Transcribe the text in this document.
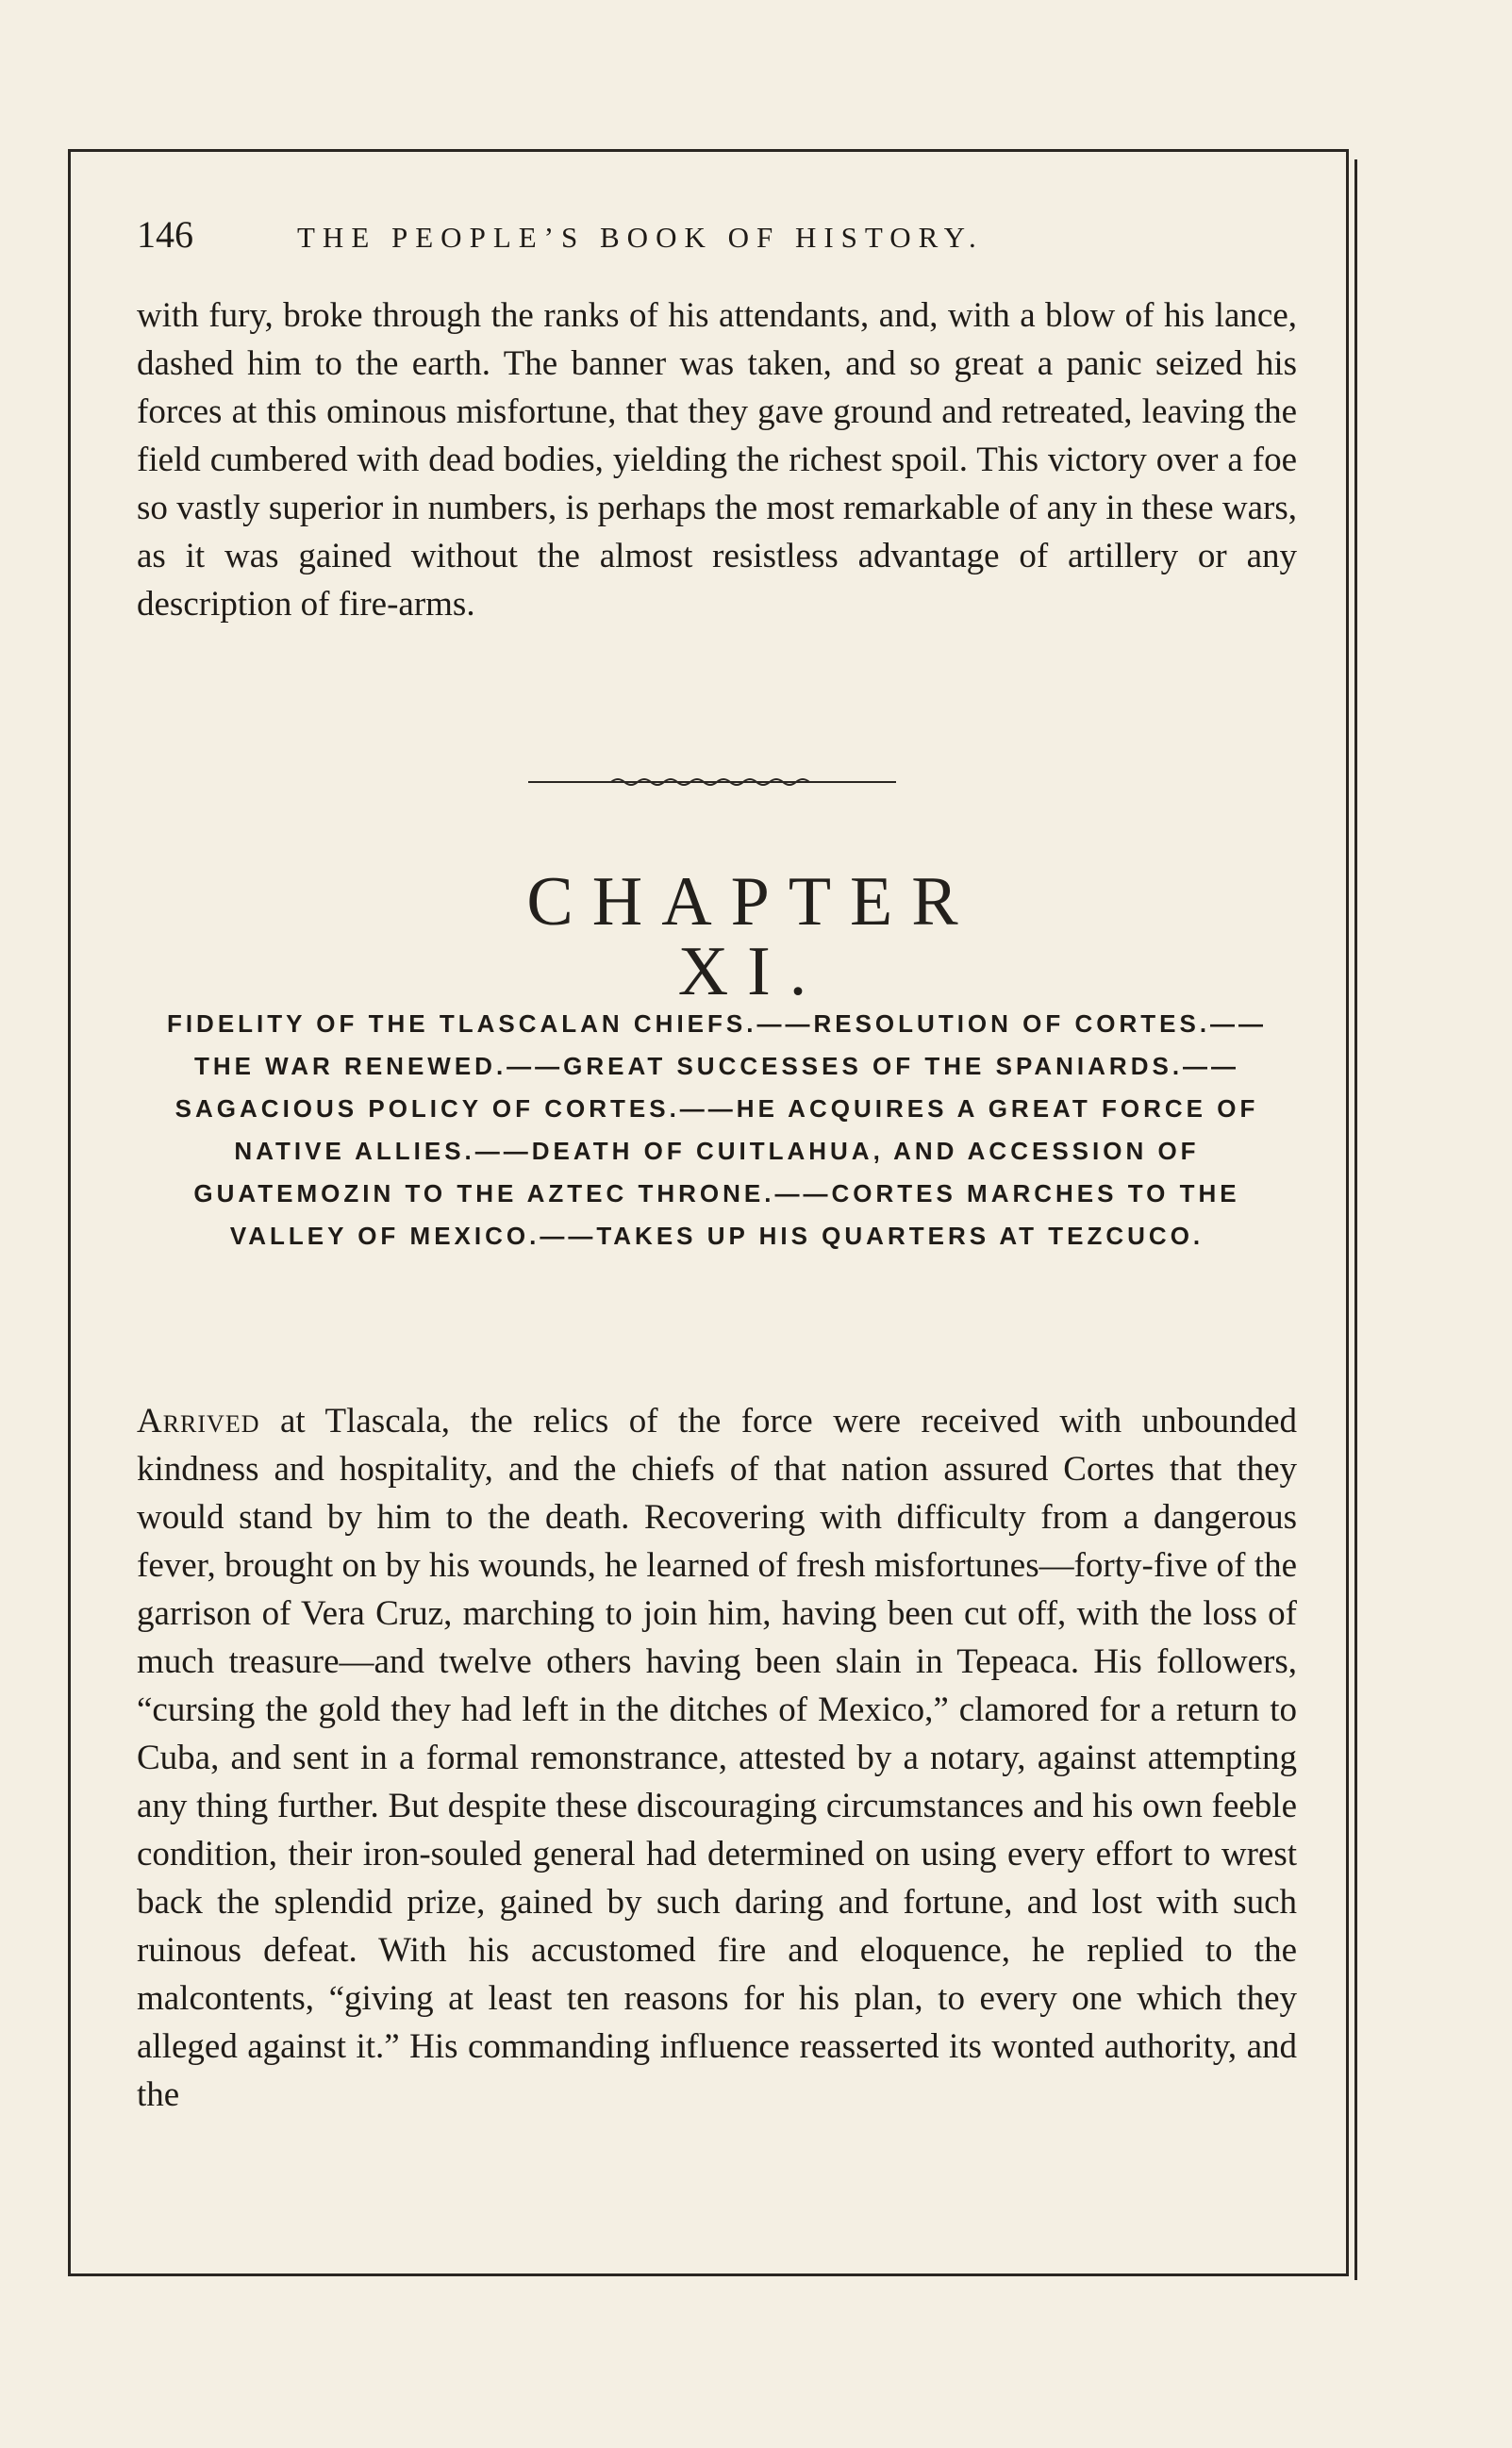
146	THE PEOPLE’S BOOK OF HISTORY.
with fury, broke through the ranks of his attendants, and, with a blow of his lance, dashed him to the earth. The banner was taken, and so great a panic seized his forces at this ominous misfortune, that they gave ground and retreated, leaving the field cumbered with dead bodies, yielding the richest spoil. This victory over a foe so vastly superior in numbers, is perhaps the most remarkable of any in these wars, as it was gained without the almost resistless advantage of artillery or any description of fire-arms.
CHAPTER XI.
FIDELITY OF THE TLASCALAN CHIEFS.——RESOLUTION OF CORTES.——THE WAR RENEWED.——GREAT SUCCESSES OF THE SPANIARDS.——SAGACIOUS POLICY OF CORTES.——HE ACQUIRES A GREAT FORCE OF NATIVE ALLIES.——DEATH OF CUITLAHUA, AND ACCESSION OF GUATEMOZIN TO THE AZTEC THRONE.——CORTES MARCHES TO THE VALLEY OF MEXICO.——TAKES UP HIS QUARTERS AT TEZCUCO.
Arrived at Tlascala, the relics of the force were received with unbounded kindness and hospitality, and the chiefs of that nation assured Cortes that they would stand by him to the death. Recovering with difficulty from a dangerous fever, brought on by his wounds, he learned of fresh misfortunes—forty-five of the garrison of Vera Cruz, marching to join him, having been cut off, with the loss of much treasure—and twelve others having been slain in Tepeaca. His followers, “cursing the gold they had left in the ditches of Mexico,” clamored for a return to Cuba, and sent in a formal remonstrance, attested by a notary, against attempting any thing further. But despite these discouraging circumstances and his own feeble condition, their iron-souled general had determined on using every effort to wrest back the splendid prize, gained by such daring and fortune, and lost with such ruinous defeat. With his accustomed fire and eloquence, he replied to the malcontents, “giving at least ten reasons for his plan, to every one which they alleged against it.” His commanding influence reasserted its wonted authority, and the
